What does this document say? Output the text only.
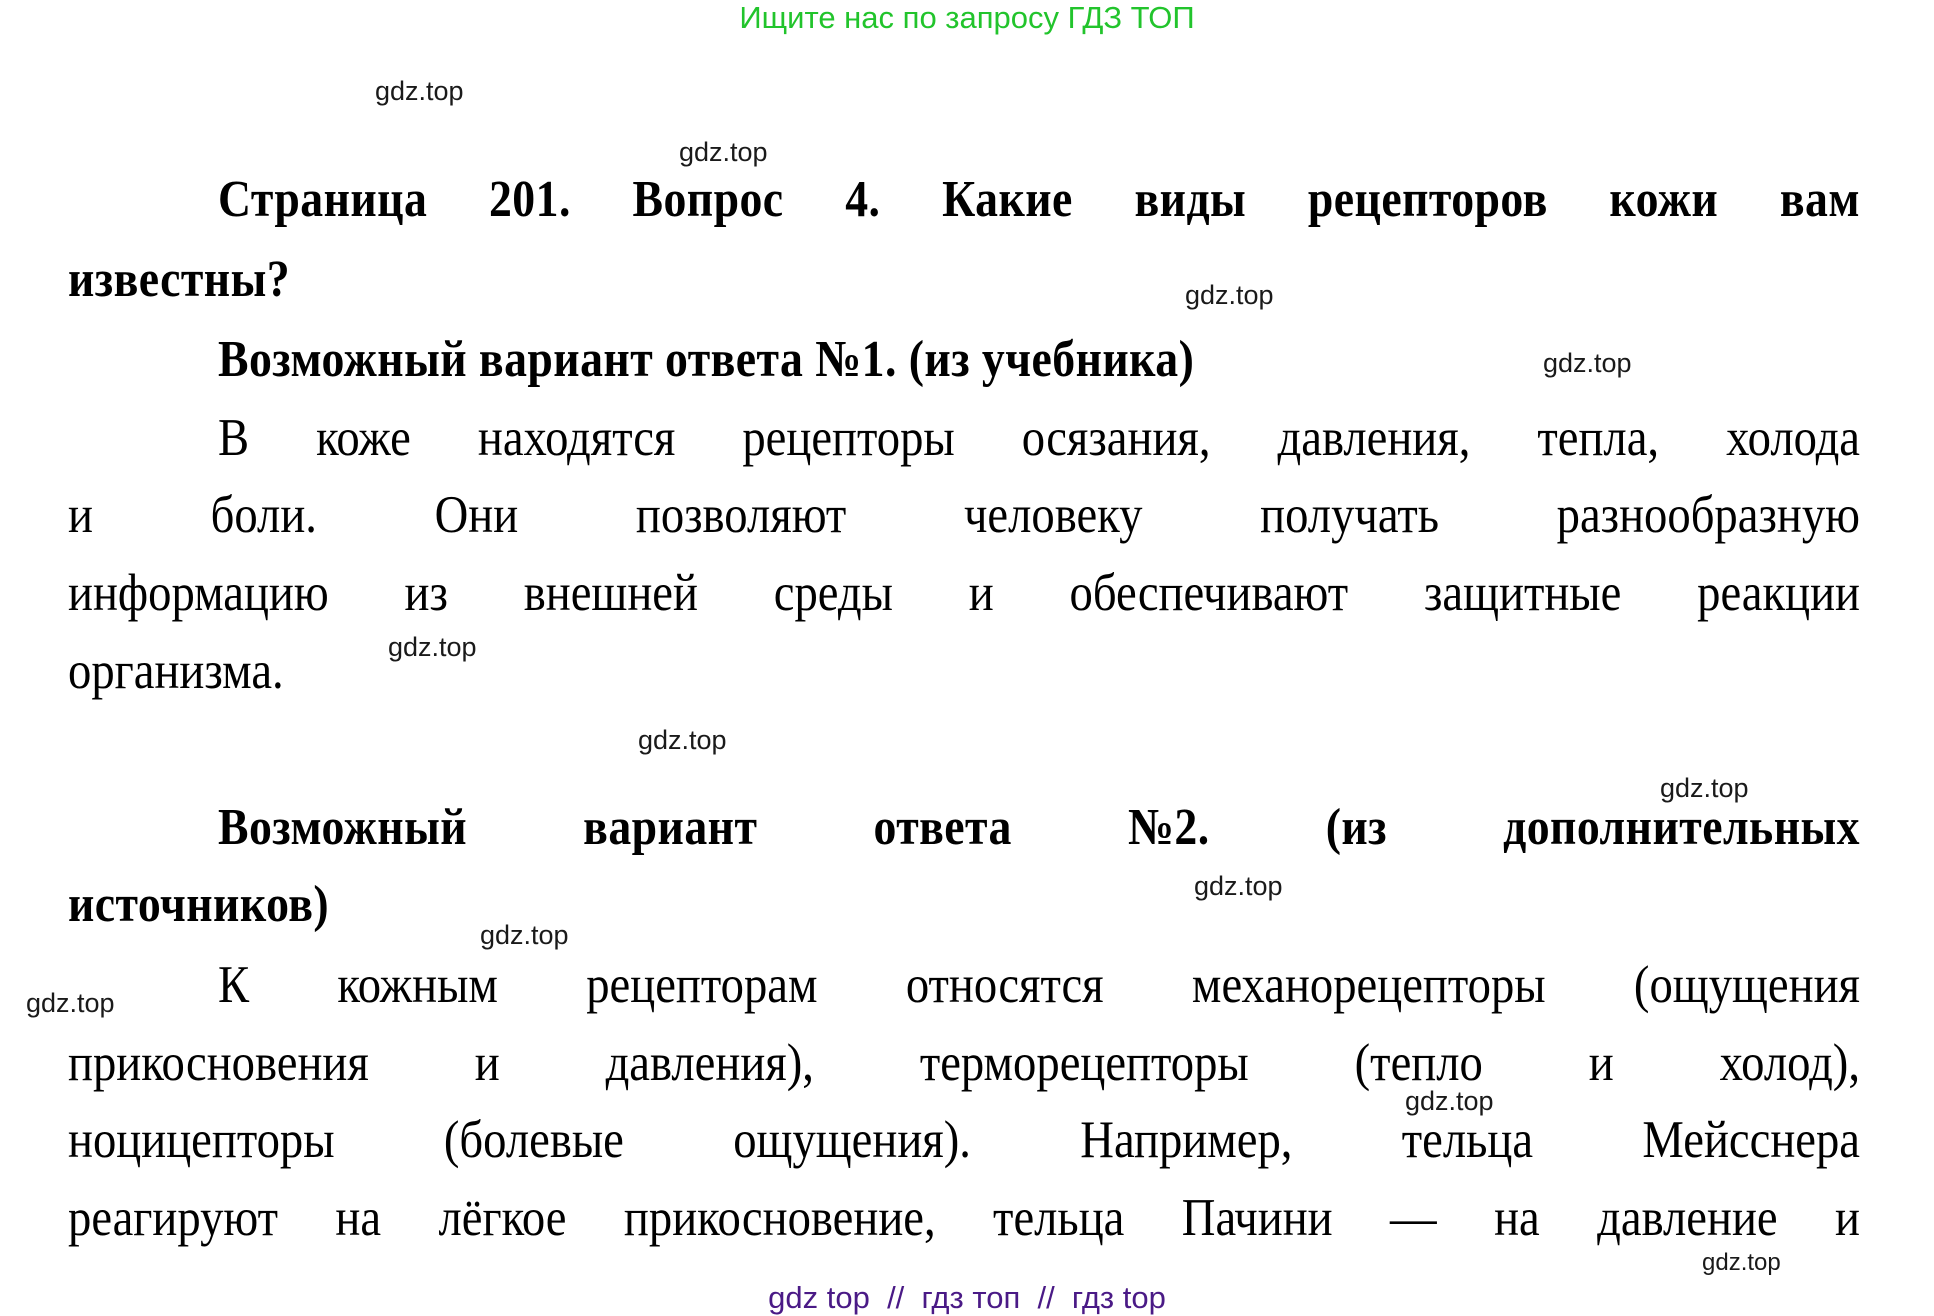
Ищите нас по запросу ГДЗ ТОП
Страница 201. Вопрос 4. Какие виды рецепторов кожи вам
известны?
Возможный вариант ответа №1. (из учебника)
В коже находятся рецепторы осязания, давления, тепла, холода
и боли. Они позволяют человеку получать разнообразную
информацию из внешней среды и обеспечивают защитные реакции
организма.
Возможный вариант ответа №2. (из дополнительных
источников)
К кожным рецепторам относятся механорецепторы (ощущения
прикосновения и давления), терморецепторы (тепло и холод),
ноцицепторы (болевые ощущения). Например, тельца Мейсснера
реагируют на лёгкое прикосновение, тельца Пачини — на давление и
gdz.top
gdz.top
gdz.top
gdz.top
gdz.top
gdz.top
gdz.top
gdz.top
gdz.top
gdz.top
gdz.top
gdz.top
gdz top  //  гдз топ  //  гдз top
